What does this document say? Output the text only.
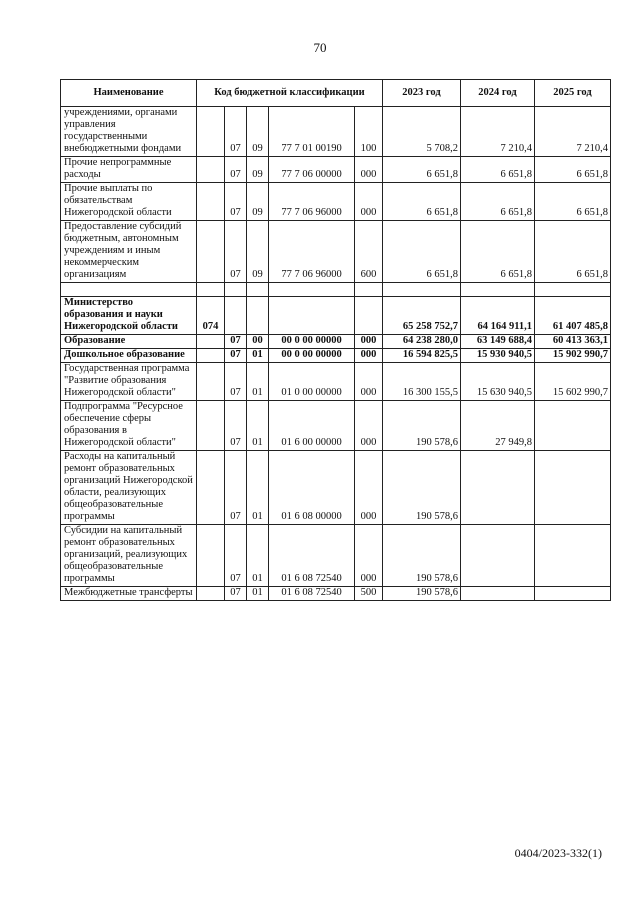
70
Наименование	Код бюджетной классификации					2023 год	2024 год	2025 год
учреждениями, органами управления государственными внебюджетными фондами		07	09	77 7 01 00190	100	5 708,2	7 210,4	7 210,4
Прочие непрограммные расходы		07	09	77 7 06 00000	000	6 651,8	6 651,8	6 651,8
Прочие выплаты по обязательствам Нижегородской области		07	09	77 7 06 96000	000	6 651,8	6 651,8	6 651,8
Предоставление субсидий бюджетным, автономным учреждениям и иным некоммерческим организациям		07	09	77 7 06 96000	600	6 651,8	6 651,8	6 651,8

Министерство образования и науки Нижегородской области	074					65 258 752,7	64 164 911,1	61 407 485,8
Образование		07	00	00 0 00 00000	000	64 238 280,0	63 149 688,4	60 413 363,1
Дошкольное образование		07	01	00 0 00 00000	000	16 594 825,5	15 930 940,5	15 902 990,7
Государственная программа "Развитие образования Нижегородской области"		07	01	01 0 00 00000	000	16 300 155,5	15 630 940,5	15 602 990,7
Подпрограмма "Ресурсное обеспечение сферы образования в Нижегородской области"		07	01	01 6 00 00000	000	190 578,6	27 949,8	
Расходы на капитальный ремонт образовательных организаций Нижегородской области, реализующих общеобразовательные программы		07	01	01 6 08 00000	000	190 578,6		
Субсидии на капитальный ремонт образовательных организаций, реализующих общеобразовательные программы		07	01	01 6 08 72540	000	190 578,6		
Межбюджетные трансферты		07	01	01 6 08 72540	500	190 578,6		
0404/2023-332(1)
